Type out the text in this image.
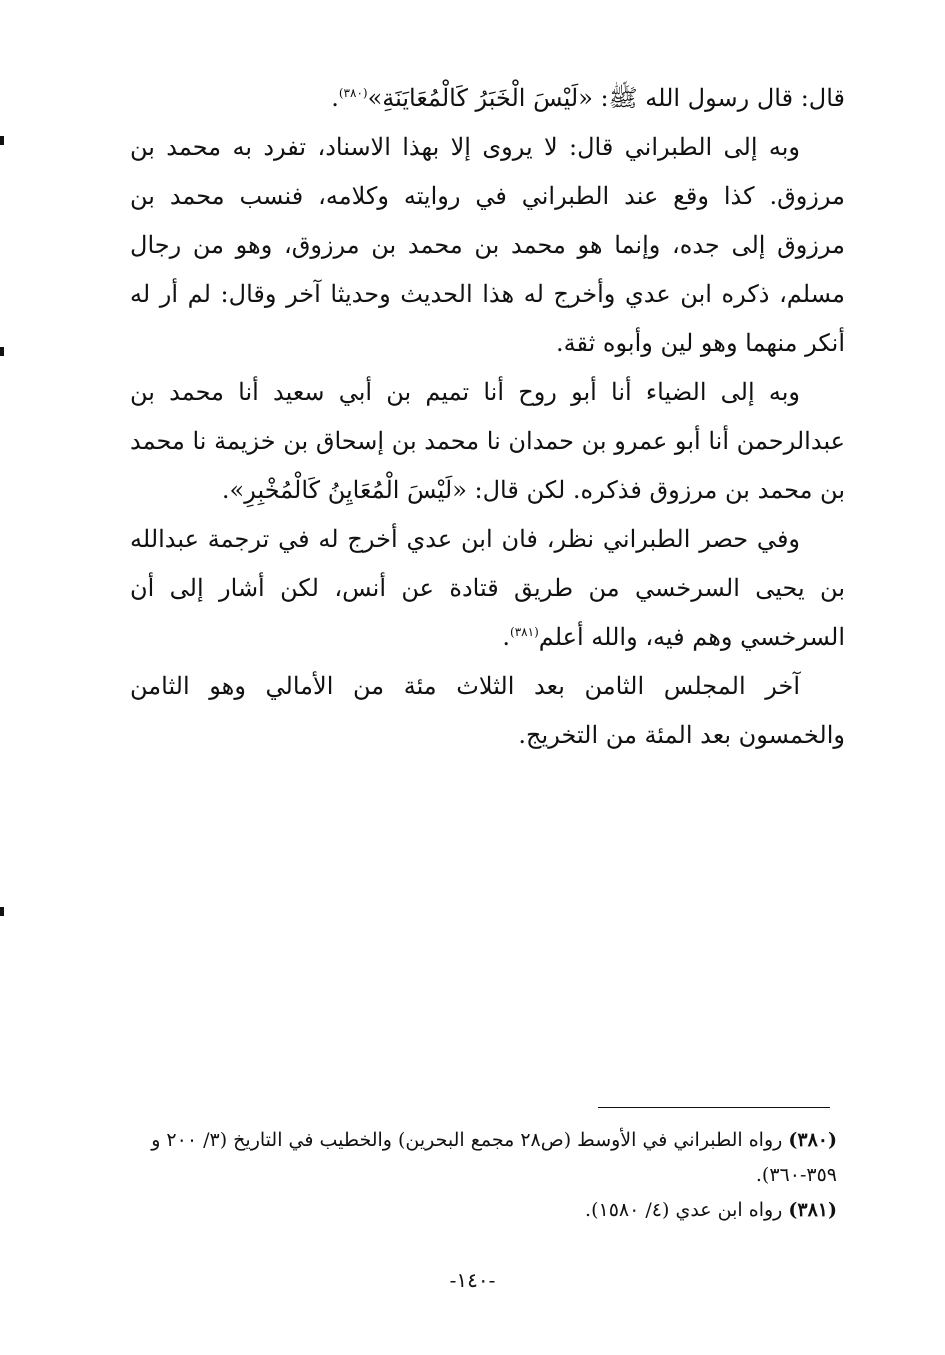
قال: قال رسول الله ﷺ: «لَيْسَ الْخَبَرُ كَالْمُعَايَنَةِ»$^{(٣٨٠)}$.

وبه إلى الطبراني قال: لا يروى إلا بهذا الاسناد، تفرد به محمد بن مرزوق. كذا وقع عند الطبراني في روايته وكلامه، فنسب محمد بن مرزوق إلى جده، وإنما هو محمد بن محمد بن مرزوق، وهو من رجال مسلم، ذكره ابن عدي وأخرج له هذا الحديث وحديثا آخر وقال: لم أر له أنكر منهما وهو لين وأبوه ثقة.

وبه إلى الضياء أنا أبو روح أنا تميم بن أبي سعيد أنا محمد بن عبدالرحمن أنا أبو عمرو بن حمدان نا محمد بن إسحاق بن خزيمة نا محمد بن محمد بن مرزوق فذكره. لكن قال: «لَيْسَ الْمُعَايِنُ كَالْمُخْبِرِ».

وفي حصر الطبراني نظر، فان ابن عدي أخرج له في ترجمة عبدالله بن يحيى السرخسي من طريق قتادة عن أنس، لكن أشار إلى أن السرخسي وهم فيه، والله أعلم$^{(٣٨١)}$.

آخر المجلس الثامن بعد الثلاث مئة من الأمالي وهو الثامن والخمسون بعد المئة من التخريج.

(٣٨٠) رواه الطبراني في الأوسط (ص٢٨ مجمع البحرين) والخطيب في التاريخ (٣/ ٢٠٠ و ٣٥٩-٣٦٠).

(٣٨١) رواه ابن عدي (٤/ ١٥٨٠).

-١٤٠-
